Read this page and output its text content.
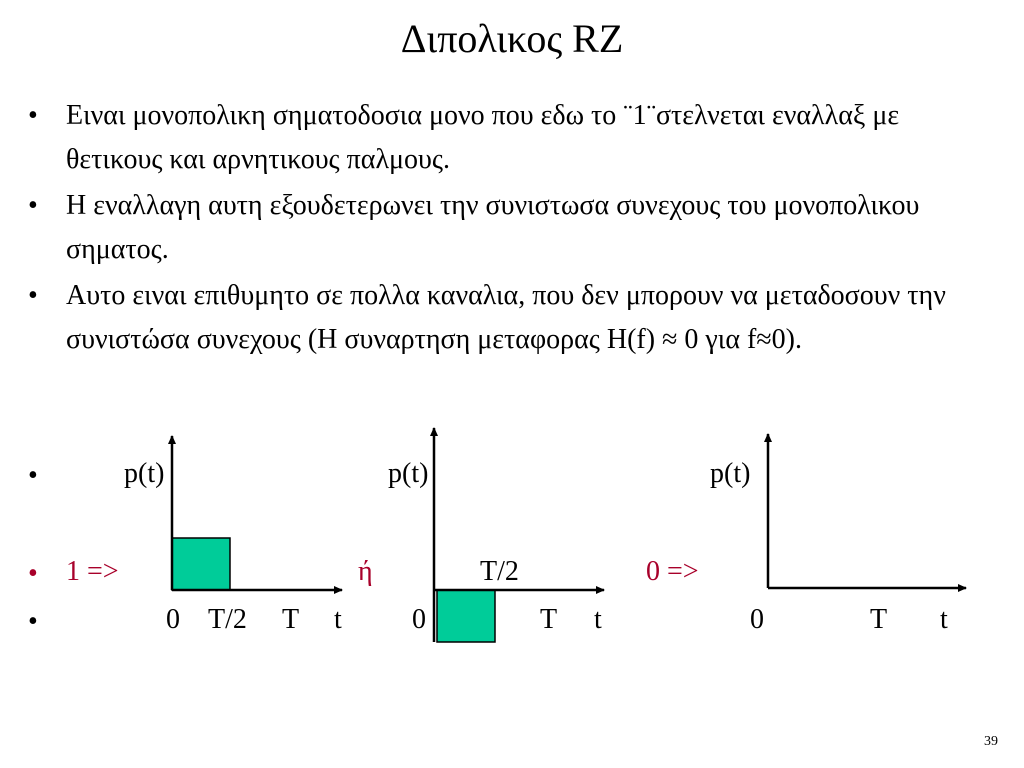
Διπολικος RZ
• Ειναι μονοπολικη σηματοδοσια μονο που εδω το ¨1¨στελνεται εναλλαξ με θετικους και αρνητικους παλμους.
• Η εναλλαγη αυτη εξουδετερωνει την συνιστωσα συνεχους του μονοπολικου σηματος.
• Αυτο ειναι επιθυμητο σε πολλα καναλια, που δεν μπορουν να μεταδοσουν την συνιστώσα συνεχους (Η συναρτηση μεταφορας H(f) ≈ 0 για f≈0).
•
•
•
p(t)	p(t)	p(t)
1 =>	ή	T/2	0 =>
0 T/2 T t	0	T t	0	T t
39
